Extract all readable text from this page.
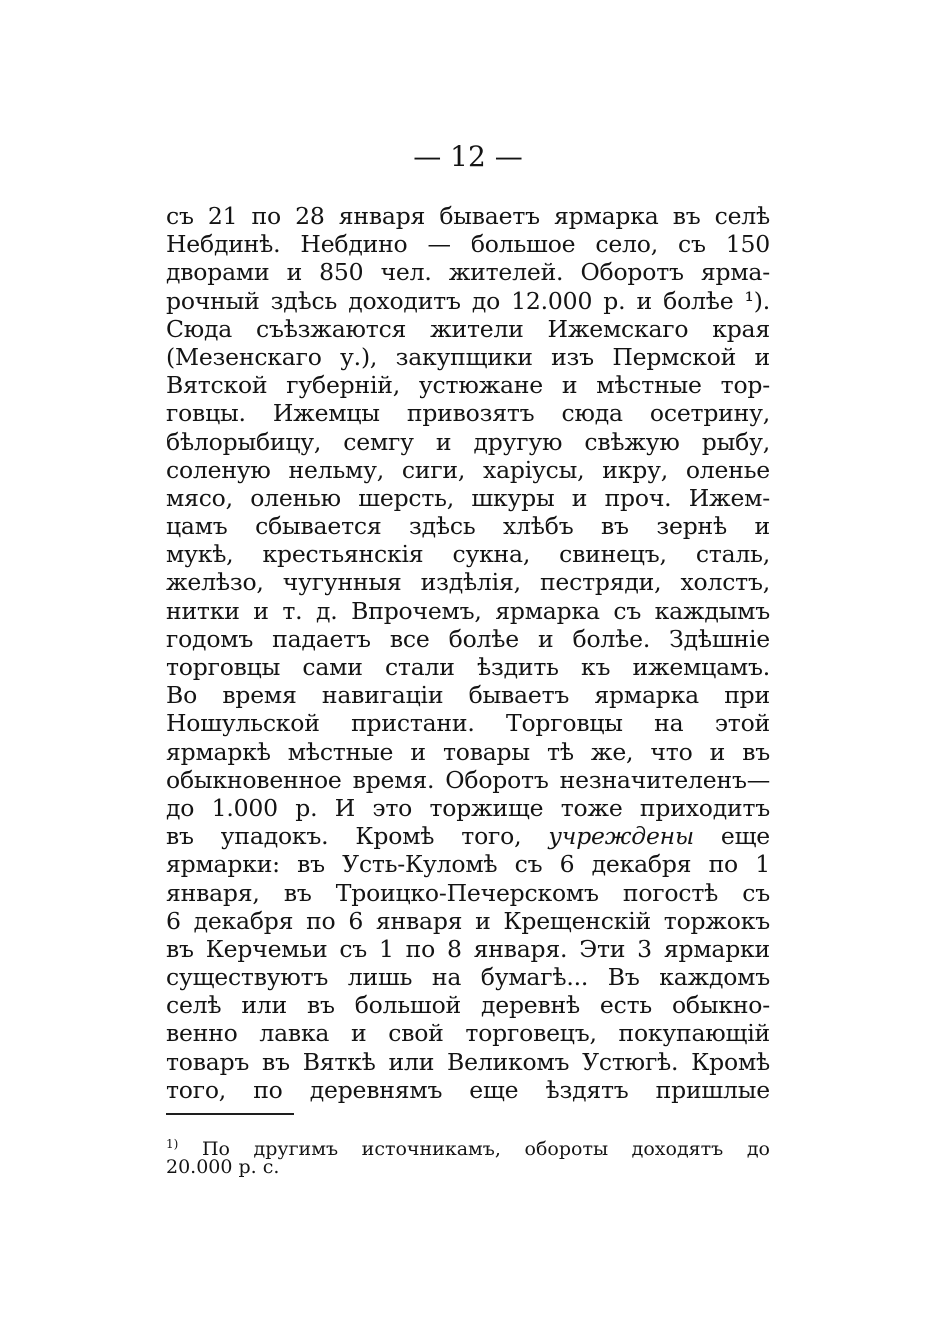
— 12 —
съ 21 по 28 января бываетъ ярмарка въ селѣ
Небдинѣ. Небдино — большое село, съ 150
дворами и 850 чел. жителей. Оборотъ ярма-
рочный здѣсь доходитъ до 12.000 р. и болѣе ¹).
Сюда съѣзжаются жители Ижемскаго края
(Мезенскаго у.), закупщики изъ Пермской и
Вятской губерній, устюжане и мѣстные тор-
говцы. Ижемцы привозятъ сюда осетрину,
бѣлорыбицу, семгу и другую свѣжую рыбу,
соленую нельму, сиги, харіусы, икру, оленье
мясо, оленью шерсть, шкуры и проч. Ижем-
цамъ сбывается здѣсь хлѣбъ въ зернѣ и
мукѣ, крестьянскія сукна, свинецъ, сталь,
желѣзо, чугунныя издѣлія, пестряди, холстъ,
нитки и т. д. Впрочемъ, ярмарка съ каждымъ
годомъ падаетъ все болѣе и болѣе. Здѣшніе
торговцы сами стали ѣздить къ ижемцамъ.
Во время навигаціи бываетъ ярмарка при
Ношульской пристани. Торговцы на этой
ярмаркѣ мѣстные и товары тѣ же, что и въ
обыкновенное время. Оборотъ незначителенъ—
до 1.000 р. И это торжище тоже приходитъ
въ упадокъ. Кромѣ того, учреждены еще
ярмарки: въ Усть-Куломѣ съ 6 декабря по 1
января, въ Троицко-Печерскомъ погостѣ съ
6 декабря по 6 января и Крещенскій торжокъ
въ Керчемьи съ 1 по 8 января. Эти 3 ярмарки
существуютъ лишь на бумагѣ... Въ каждомъ
селѣ или въ большой деревнѣ есть обыкно-
венно лавка и свой торговецъ, покупающій
товаръ въ Вяткѣ или Великомъ Устюгѣ. Кромѣ
того, по деревнямъ еще ѣздятъ пришлые
$^{1)}$ По другимъ источникамъ, обороты доходятъ до
20.000 р. с.
